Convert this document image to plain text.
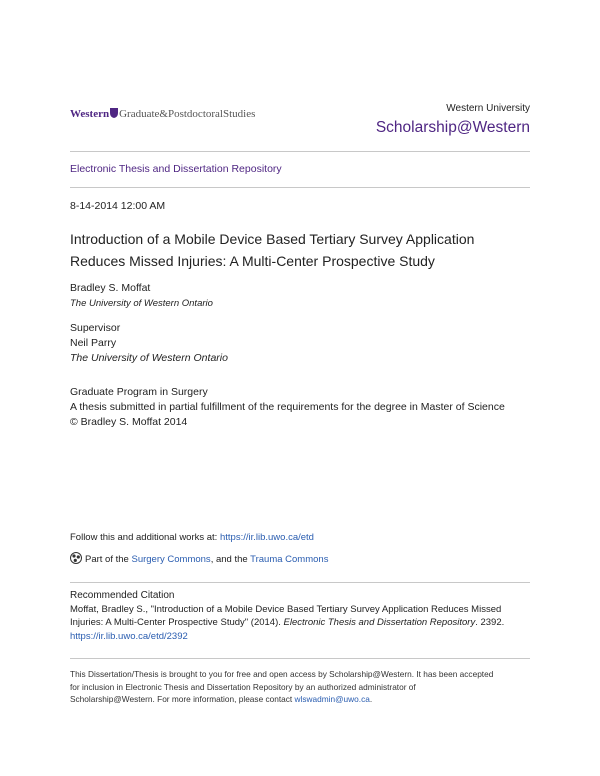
Western Graduate&PostdoctoralStudies	Western University
Scholarship@Western
Electronic Thesis and Dissertation Repository
8-14-2014 12:00 AM
Introduction of a Mobile Device Based Tertiary Survey Application
Reduces Missed Injuries: A Multi-Center Prospective Study
Bradley S. Moffat
The University of Western Ontario
Supervisor
Neil Parry
The University of Western Ontario
Graduate Program in Surgery
A thesis submitted in partial fulfillment of the requirements for the degree in Master of Science
© Bradley S. Moffat 2014
Follow this and additional works at: https://ir.lib.uwo.ca/etd
Part of the Surgery Commons, and the Trauma Commons
Recommended Citation
Moffat, Bradley S., "Introduction of a Mobile Device Based Tertiary Survey Application Reduces Missed
Injuries: A Multi-Center Prospective Study" (2014). Electronic Thesis and Dissertation Repository. 2392.
https://ir.lib.uwo.ca/etd/2392
This Dissertation/Thesis is brought to you for free and open access by Scholarship@Western. It has been accepted
for inclusion in Electronic Thesis and Dissertation Repository by an authorized administrator of
Scholarship@Western. For more information, please contact wlswadmin@uwo.ca.
